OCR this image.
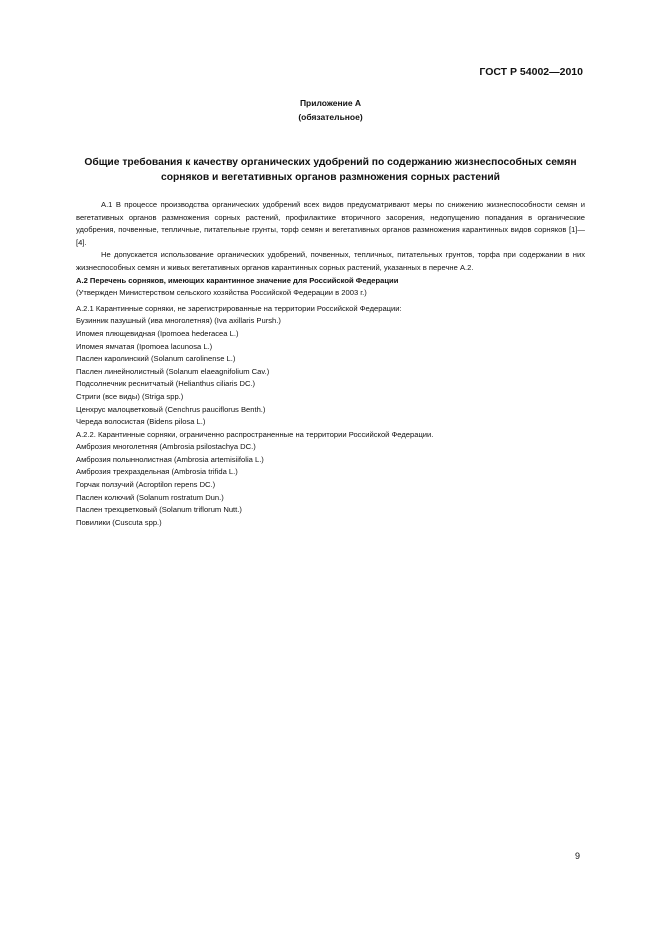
ГОСТ Р 54002—2010
Приложение А
(обязательное)
Общие требования к качеству органических удобрений по содержанию жизнеспособных семян
сорняков и вегетативных органов размножения сорных растений

А.1 В процессе производства органических удобрений всех видов предусматривают меры по снижению жизнеспособности семян и вегетативных органов размножения сорных растений, профилактике вторичного засорения, недопущению попадания в органические удобрения, почвенные, тепличные, питательные грунты, торф семян и вегетативных органов размножения карантинных видов сорняков [1]—[4].

Не допускается использование органических удобрений, почвенных, тепличных, питательных грунтов, торфа при содержании в них жизнеспособных семян и живых вегетативных органов карантинных сорных растений, указанных в перечне А.2.

А.2 Перечень сорняков, имеющих карантинное значение для Российской Федерации
(Утвержден Министерством сельского хозяйства Российской Федерации в 2003 г.)
А.2.1 Карантинные сорняки, не зарегистрированные на территории Российской Федерации:
Бузинник пазушный (ива многолетняя) (Iva axillaris Pursh.)
Ипомея плющевидная (Ipomoea hederacea L.)
Ипомея ямчатая (Ipomoea lacunosa L.)
Паслен каролинский (Solanum carolinense L.)
Паслен линейнолистный (Solanum elaeagnifolium Cav.)
Подсолнечник реснитчатый (Helianthus ciliaris DC.)
Стриги (все виды) (Striga spp.)
Ценхрус малоцветковый (Cenchrus pauciflorus Benth.)
Череда волосистая (Bidens pilosa L.)
А.2.2. Карантинные сорняки, ограниченно распространенные на территории Российской Федерации.
Амброзия многолетняя (Ambrosia psilostachya DC.)
Амброзия полыннолистная (Ambrosia artemisiifolia L.)
Амброзия трехраздельная (Ambrosia trifida L.)
Горчак ползучий (Acroptilon repens DC.)
Паслен колючий (Solanum rostratum Dun.)
Паслен трехцветковый (Solanum triflorum Nutt.)
Повилики (Cuscuta spp.)
9
